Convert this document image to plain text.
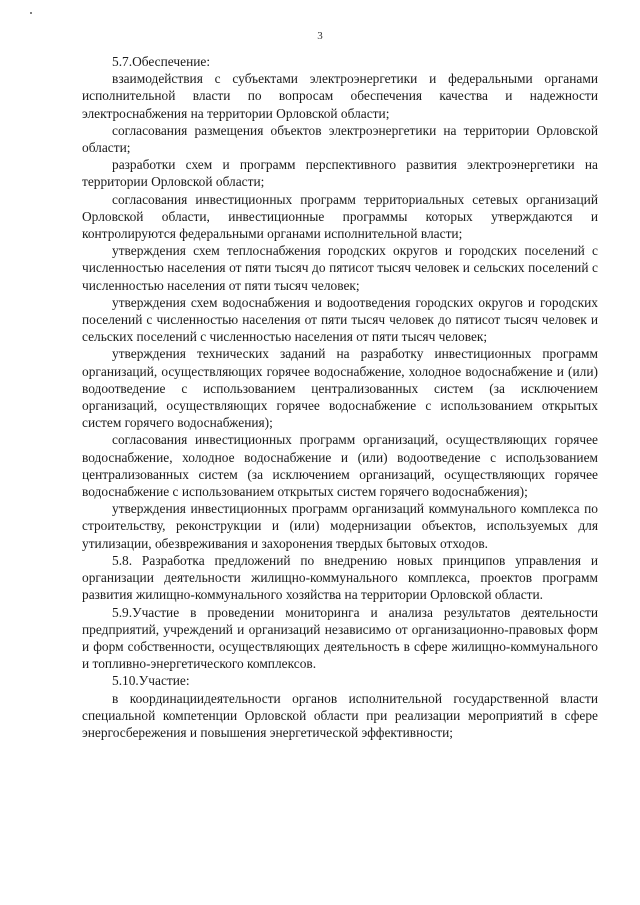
3

5.7.Обеспечение:

взаимодействия с субъектами электроэнергетики и федеральными органами исполнительной власти по вопросам обеспечения качества и надежности электроснабжения на территории Орловской области;

согласования размещения объектов электроэнергетики на территории Орловской области;

разработки схем и программ перспективного развития электроэнергетики на территории Орловской области;

согласования инвестиционных программ территориальных сетевых организаций Орловской области, инвестиционные программы которых утверждаются и контролируются федеральными органами исполнительной власти;

утверждения схем теплоснабжения городских округов и городских поселений с численностью населения от пяти тысяч до пятисот тысяч человек и сельских поселений с численностью населения от пяти тысяч человек;

утверждения схем водоснабжения и водоотведения городских округов и городских поселений с численностью населения от пяти тысяч человек до пятисот тысяч человек и сельских поселений с численностью населения от пяти тысяч человек;

утверждения технических заданий на разработку инвестиционных программ организаций, осуществляющих горячее водоснабжение, холодное водоснабжение и (или) водоотведение с использованием централизованных систем (за исключением организаций, осуществляющих горячее водоснабжение с использованием открытых систем горячего водоснабжения);

согласования инвестиционных программ организаций, осуществляющих горячее водоснабжение, холодное водоснабжение и (или) водоотведение с использованием централизованных систем (за исключением организаций, осуществляющих горячее водоснабжение с использованием открытых систем горячего водоснабжения);

утверждения инвестиционных программ организаций коммунального комплекса по строительству, реконструкции и (или) модернизации объектов, используемых для утилизации, обезвреживания и захоронения твердых бытовых отходов.

5.8. Разработка предложений по внедрению новых принципов управления и организации деятельности жилищно-коммунального комплекса, проектов программ развития жилищно-коммунального хозяйства на территории Орловской области.

5.9.Участие в проведении мониторинга и анализа результатов деятельности предприятий, учреждений и организаций независимо от организационно-правовых форм и форм собственности, осуществляющих деятельность в сфере жилищно-коммунального и топливно-энергетического комплексов.

5.10.Участие:

в координациидеятельности органов исполнительной государственной власти специальной компетенции Орловской области при реализации мероприятий в сфере энергосбережения и повышения энергетической эффективности;
